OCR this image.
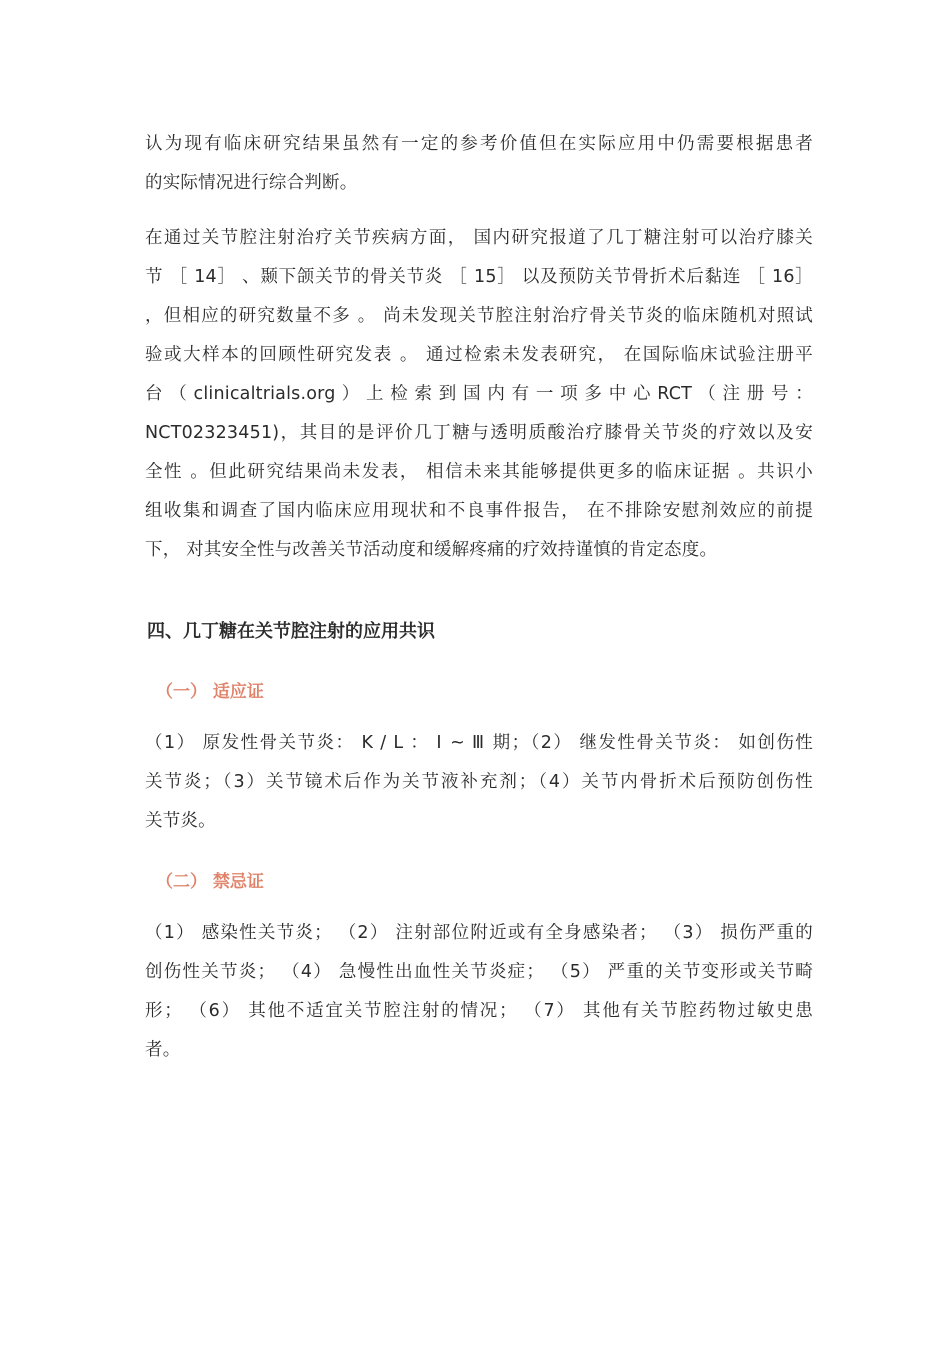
认为现有临床研究结果虽然有一定的参考价值但在实际应用中仍需要根据患者
的实际情况进行综合判断。
在通过关节腔注射治疗关节疾病方面， 国内研究报道了几丁糖注射可以治疗膝关
节 ［ 14］ 、颞下颌关节的骨关节炎 ［ 15］ 以及预防关节骨折术后黏连 ［ 16］
，但相应的研究数量不多 。 尚未发现关节腔注射治疗骨关节炎的临床随机对照试
验或大样本的回顾性研究发表 。 通过检索未发表研究， 在国际临床试验注册平
台 （ clinicaltrials.org ） 上 检 索 到 国 内 有 一 项 多 中 心 RCT （ 注 册 号 ：
NCT02323451)，其目的是评价几丁糖与透明质酸治疗膝骨关节炎的疗效以及安
全性 。但此研究结果尚未发表， 相信未来其能够提供更多的临床证据 。共识小
组收集和调查了国内临床应用现状和不良事件报告， 在不排除安慰剂效应的前提
下， 对其安全性与改善关节活动度和缓解疼痛的疗效持谨慎的肯定态度。
四、几丁糖在关节腔注射的应用共识
（一） 适应证
（1） 原发性骨关节炎： K / L ： Ⅰ ~ Ⅲ 期；（2） 继发性骨关节炎： 如创伤性
关节炎；（3）关节镜术后作为关节液补充剂；（4）关节内骨折术后预防创伤性
关节炎。
（二） 禁忌证
（1） 感染性关节炎； （2） 注射部位附近或有全身感染者； （3） 损伤严重的
创伤性关节炎； （4） 急慢性出血性关节炎症； （5） 严重的关节变形或关节畸
形； （6） 其他不适宜关节腔注射的情况； （7） 其他有关节腔药物过敏史患
者。
